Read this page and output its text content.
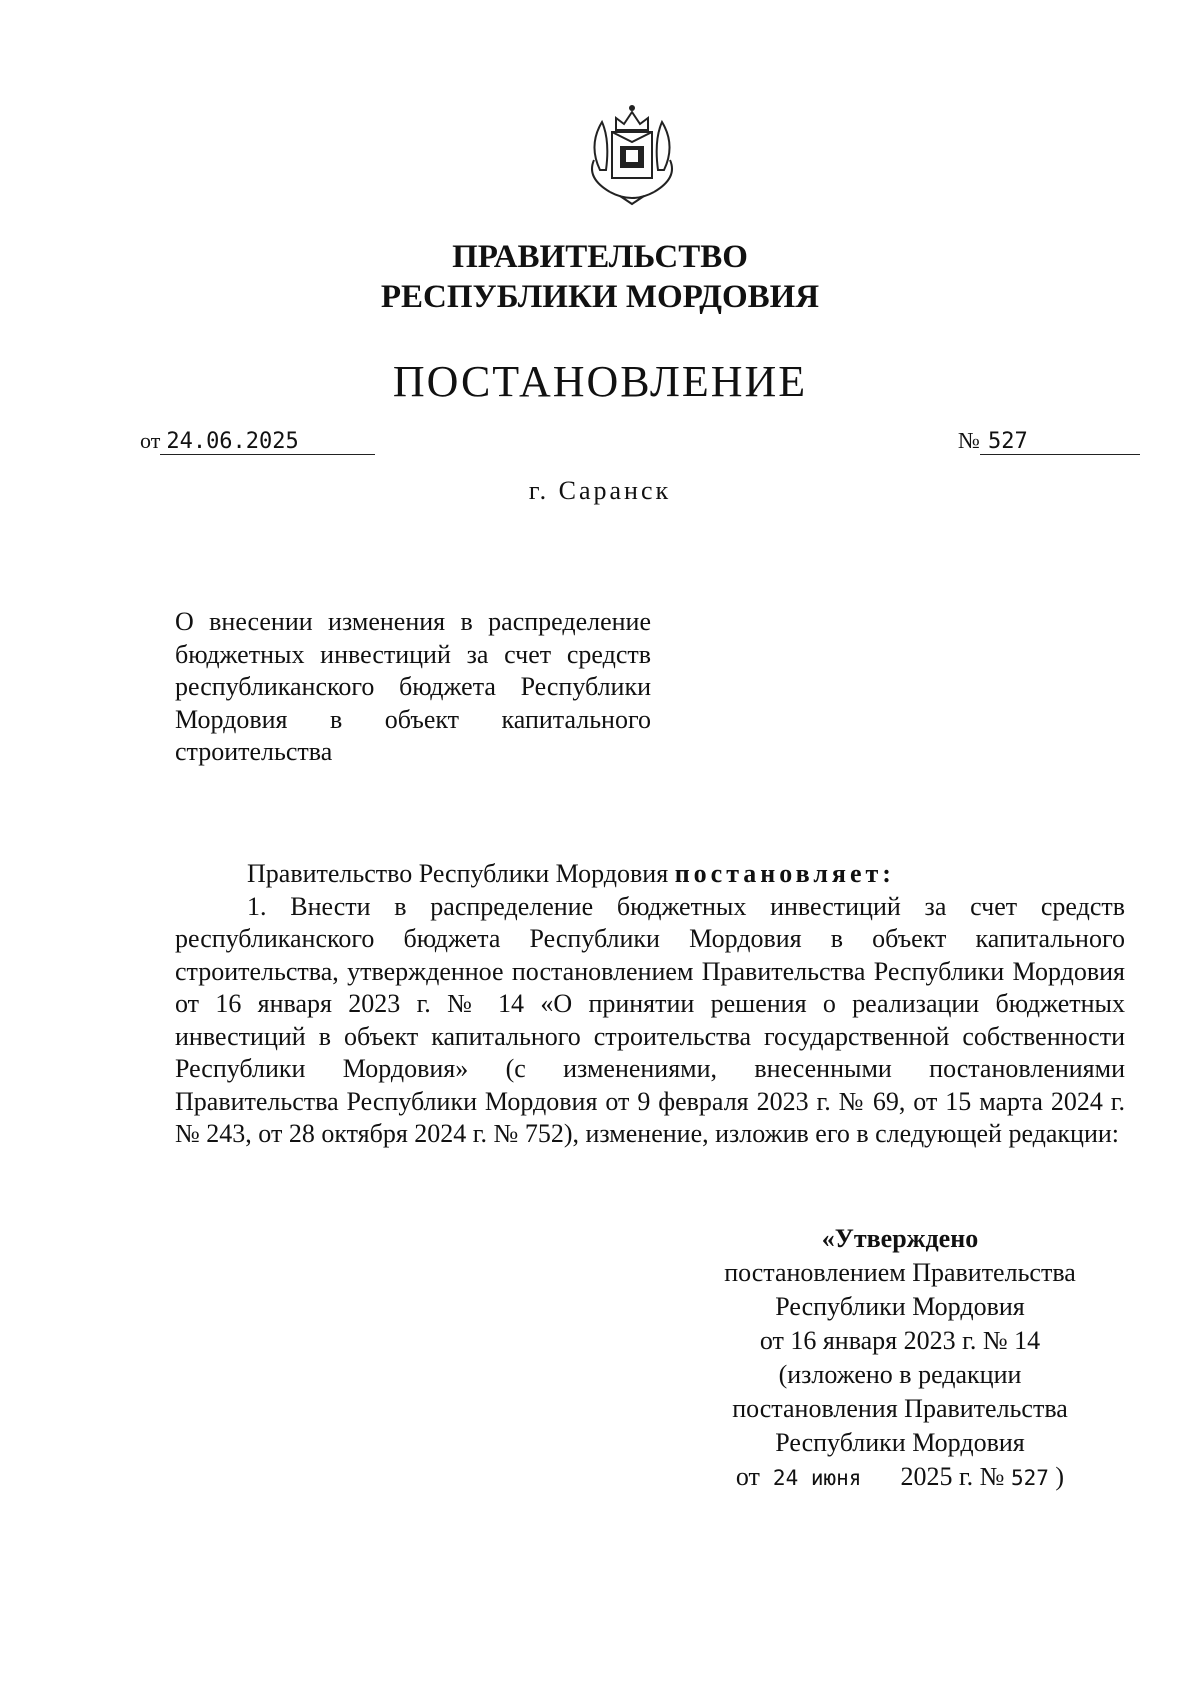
ПРАВИТЕЛЬСТВО
РЕСПУБЛИКИ МОРДОВИЯ
ПОСТАНОВЛЕНИЕ
от 24.06.2025	№ 527
г. Саранск
О внесении изменения в распределение бюджетных инвестиций за счет средств республиканского бюджета Республики Мордовия в объект капитального строительства
Правительство Республики Мордовия постановляет:
1. Внести в распределение бюджетных инвестиций за счет средств республиканского бюджета Республики Мордовия в объект капитального строительства, утвержденное постановлением Правительства Республики Мордовия от 16 января 2023 г. № 14 «О принятии решения о реализации бюджетных инвестиций в объект капитального строительства государственной собственности Республики Мордовия» (с изменениями, внесенными постановлениями Правительства Республики Мордовия от 9 февраля 2023 г. № 69, от 15 марта 2024 г. № 243, от 28 октября 2024 г. № 752), изменение, изложив его в следующей редакции:
«Утверждено
постановлением Правительства
Республики Мордовия
от 16 января 2023 г. № 14
(изложено в редакции
постановления Правительства
Республики Мордовия
от 24 июня 2025 г. № 527 )
